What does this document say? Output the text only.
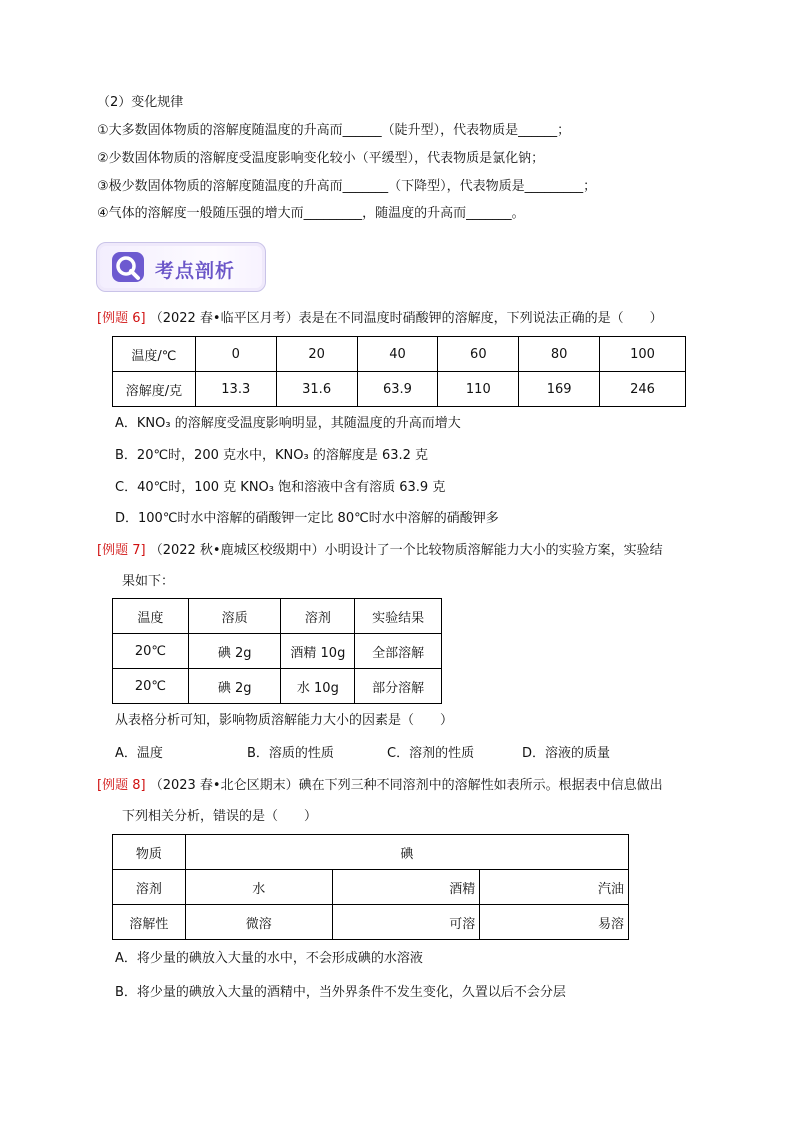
（2）变化规律
①大多数固体物质的溶解度随温度的升高而______（陡升型），代表物质是______；
②少数固体物质的溶解度受温度影响变化较小（平缓型），代表物质是氯化钠；
③极少数固体物质的溶解度随温度的升高而_______（下降型），代表物质是_________；
④气体的溶解度一般随压强的增大而_________，随温度的升高而_______。
考点剖析
[例题 6] （2022 春•临平区月考）表是在不同温度时硝酸钾的溶解度，下列说法正确的是（　　）
温度/℃	0	20	40	60	80	100
溶解度/克	13.3	31.6	63.9	110	169	246
A．KNO₃ 的溶解度受温度影响明显，其随温度的升高而增大
B．20℃时，200 克水中，KNO₃ 的溶解度是 63.2 克
C．40℃时，100 克 KNO₃ 饱和溶液中含有溶质 63.9 克
D．100℃时水中溶解的硝酸钾一定比 80℃时水中溶解的硝酸钾多
[例题 7] （2022 秋•鹿城区校级期中）小明设计了一个比较物质溶解能力大小的实验方案，实验结
果如下：
温度	溶质	溶剂	实验结果
20℃	碘 2g	酒精 10g	全部溶解
20℃	碘 2g	水 10g	部分溶解
从表格分析可知，影响物质溶解能力大小的因素是（　　）
A．温度	B．溶质的性质	C．溶剂的性质	D．溶液的质量
[例题 8] （2023 春•北仑区期末）碘在下列三种不同溶剂中的溶解性如表所示。根据表中信息做出
下列相关分析，错误的是（　　）
物质	碘		
溶剂	水	酒精	汽油
溶解性	微溶	可溶	易溶
A．将少量的碘放入大量的水中，不会形成碘的水溶液
B．将少量的碘放入大量的酒精中，当外界条件不发生变化，久置以后不会分层
